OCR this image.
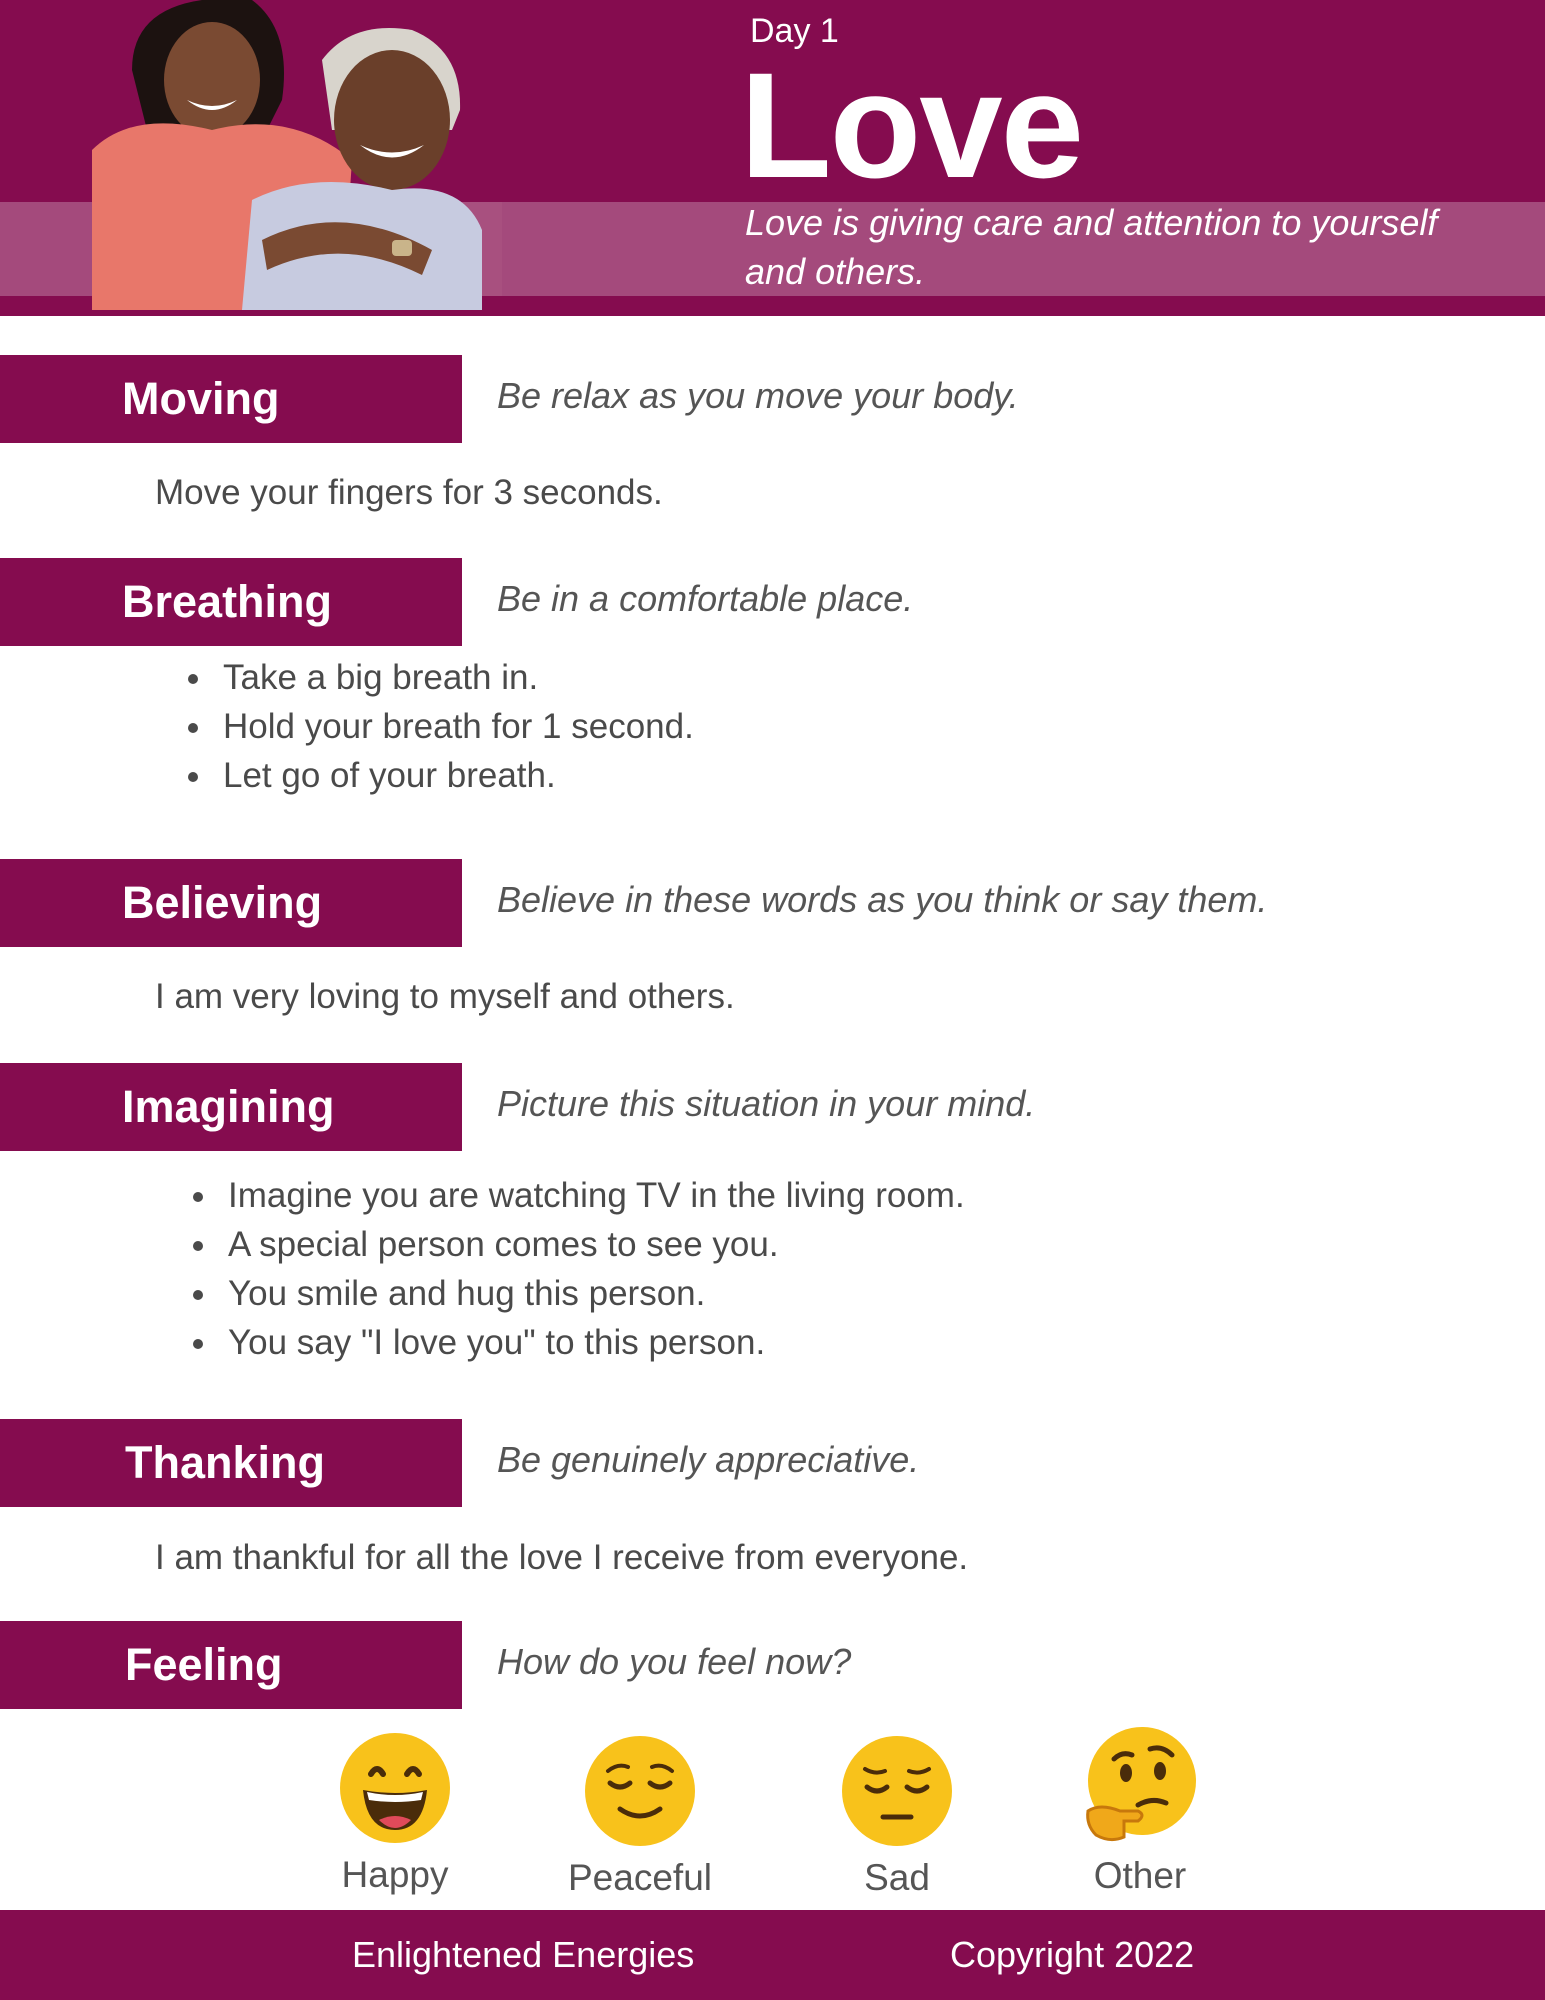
Day 1
Love
Love is giving care and attention to yourself and others.
Moving	Be relax as you move your body.
Move your fingers for 3 seconds.
Breathing	Be in a comfortable place.
• Take a big breath in.
• Hold your breath for 1 second.
• Let go of your breath.
Believing	Believe in these words as you think or say them.
I am very loving to myself and others.
Imagining	Picture this situation in your mind.
• Imagine you are watching TV in the living room.
• A special person comes to see you.
• You smile and hug this person.
• You say "I love you" to this person.
Thanking	Be genuinely appreciative.
I am thankful for all the love I receive from everyone.
Feeling	How do you feel now?
Happy	Peaceful	Sad	Other
Enlightened Energies	Copyright 2022
